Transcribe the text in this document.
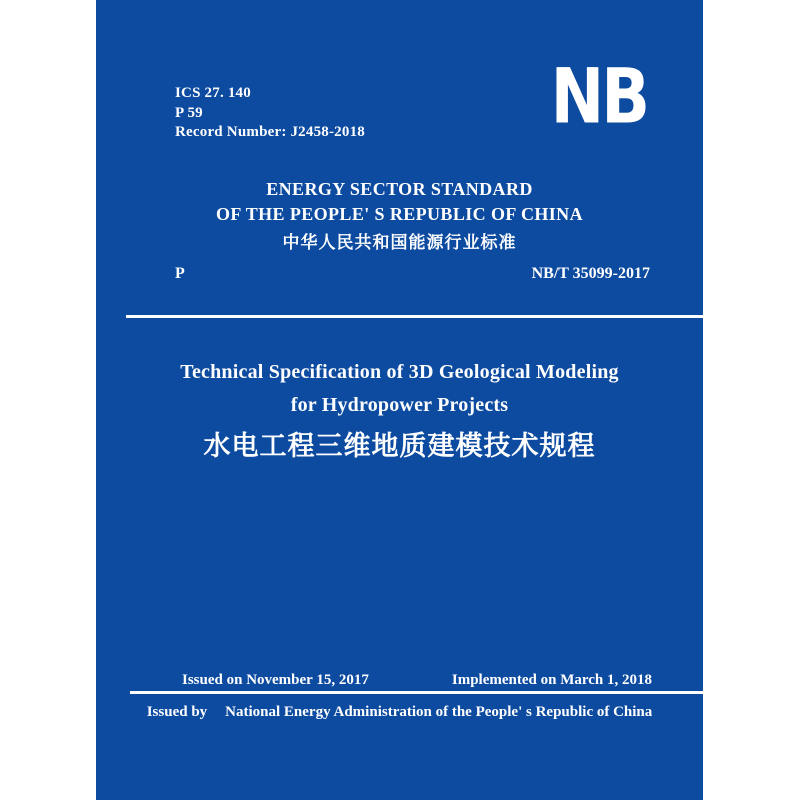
ICS 27. 140
P 59
Record Number: J2458-2018	NB
ENERGY SECTOR STANDARD
OF THE PEOPLE' S REPUBLIC OF CHINA
中华人民共和国能源行业标准
P	NB/T 35099-2017
Technical Specification of 3D Geological Modeling
for Hydropower Projects
水电工程三维地质建模技术规程
Issued on November 15, 2017	Implemented on March 1, 2018
Issued by National Energy Administration of the People' s Republic of China
